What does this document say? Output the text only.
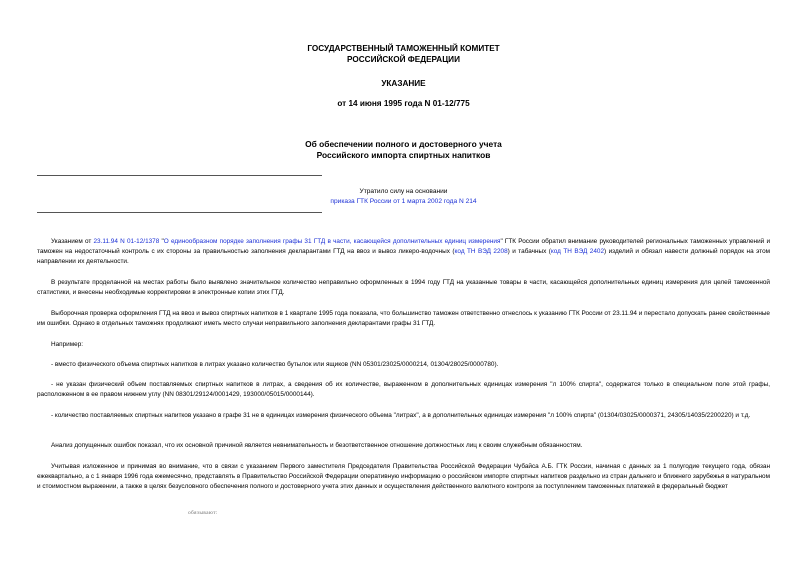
ГОСУДАРСТВЕННЫЙ ТАМОЖЕННЫЙ КОМИТЕТ
РОССИЙСКОЙ ФЕДЕРАЦИИ
УКАЗАНИЕ
от 14 июня 1995 года N 01-12/775
Об обеспечении полного и достоверного учета
Российского импорта спиртных напитков
Утратило силу на основании
приказа ГТК России от 1 марта 2002 года N 214
Указанием от 23.11.94 N 01-12/1378 "О единообразном порядке заполнения графы 31 ГТД в части, касающейся дополнительных единиц измерения" ГТК России обратил внимание руководителей региональных таможенных управлений и таможен на недостаточный контроль с их стороны за правильностью заполнения декларантами ГТД на ввоз и вывоз ликеро-водочных (код ТН ВЭД 2208) и табачных (код ТН ВЭД 2402) изделий и обязал навести должный порядок на этом направлении их деятельности.
В результате проделанной на местах работы было выявлено значительное количество неправильно оформленных в 1994 году ГТД на указанные товары в части, касающейся дополнительных единиц измерения для целей таможенной статистики, и внесены необходимые корректировки в электронные копии этих ГТД.
Выборочная проверка оформления ГТД на ввоз и вывоз спиртных напитков в 1 квартале 1995 года показала, что большинство таможен ответственно отнеслось к указанию ГТК России от 23.11.94 и перестало допускать ранее свойственные им ошибки. Однако в отдельных таможнях продолжают иметь место случаи неправильного заполнения декларантами графы 31 ГТД.
Например:
- вместо физического объема спиртных напитков в литрах указано количество бутылок или ящиков (NN 05301/23025/0000214, 01304/28025/0000780).
- не указан физический объем поставляемых спиртных напитков в литрах, а сведения об их количестве, выраженном в дополнительных единицах измерения "л 100% спирта", содержатся только в специальном поле этой графы, расположенном в ее правом нижнем углу (NN 08301/29124/0001429, 193000/05015/0000144).
- количество поставляемых спиртных напитков указано в графе 31 не в единицах измерения физического объема "литрах", а в дополнительных единицах измерения "л 100% спирта" (01304/03025/0000371, 24305/14035/2200220) и т.д.
Анализ допущенных ошибок показал, что их основной причиной является невнимательность и безответственное отношение должностных лиц к своим служебным обязанностям.
Учитывая изложенное и принимая во внимание, что в связи с указанием Первого заместителя Председателя Правительства Российской Федерации Чубайса А.Б. ГТК России, начиная с данных за 1 полугодие текущего года, обязан ежеквартально, а с 1 января 1996 года ежемесячно, представлять в Правительство Российской Федерации оперативную информацию о российском импорте спиртных напитков раздельно из стран дальнего и ближнего зарубежья в натуральном и стоимостном выражении, а также в целях безусловного обеспечения полного и достоверного учета этих данных и осуществления действенного валютного контроля за поступлением таможенных платежей в федеральный бюджет
обязывают:
